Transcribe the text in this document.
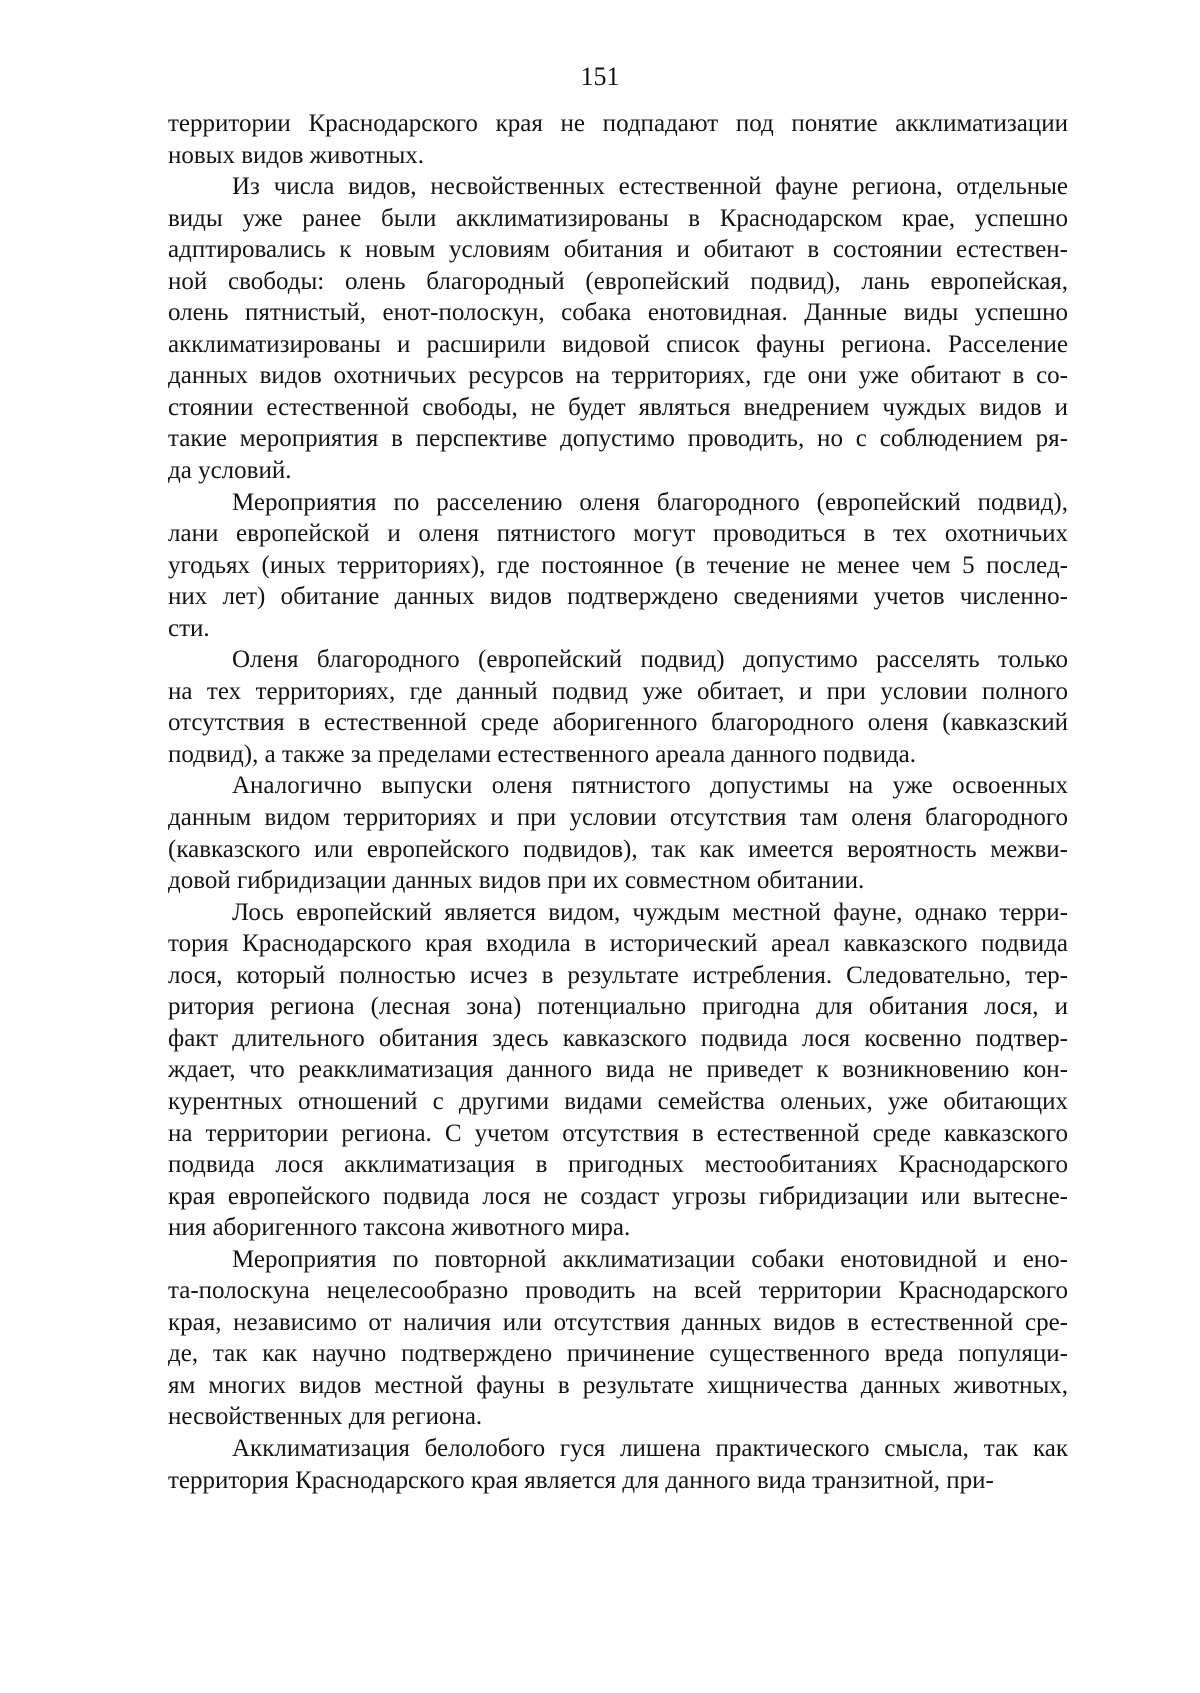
151
территории Краснодарского края не подпадают под понятие акклиматизации
новых видов животных.
Из числа видов, несвойственных естественной фауне региона, отдельные
виды уже ранее были акклиматизированы в Краснодарском крае, успешно
адптировались к новым условиям обитания и обитают в состоянии естествен-
ной свободы: олень благородный (европейский подвид), лань европейская,
олень пятнистый, енот-полоскун, собака енотовидная. Данные виды успешно
акклиматизированы и расширили видовой список фауны региона. Расселение
данных видов охотничьих ресурсов на территориях, где они уже обитают в со-
стоянии естественной свободы, не будет являться внедрением чуждых видов и
такие мероприятия в перспективе допустимо проводить, но с соблюдением ря-
да условий.
Мероприятия по расселению оленя благородного (европейский подвид),
лани европейской и оленя пятнистого могут проводиться в тех охотничьих
угодьях (иных территориях), где постоянное (в течение не менее чем 5 послед-
них лет) обитание данных видов подтверждено сведениями учетов численно-
сти.
Оленя благородного (европейский подвид) допустимо расселять только
на тех территориях, где данный подвид уже обитает, и при условии полного
отсутствия в естественной среде аборигенного благородного оленя (кавказский
подвид), а также за пределами естественного ареала данного подвида.
Аналогично выпуски оленя пятнистого допустимы на уже освоенных
данным видом территориях и при условии отсутствия там оленя благородного
(кавказского или европейского подвидов), так как имеется вероятность межви-
довой гибридизации данных видов при их совместном обитании.
Лось европейский является видом, чуждым местной фауне, однако терри-
тория Краснодарского края входила в исторический ареал кавказского подвида
лося, который полностью исчез в результате истребления. Следовательно, тер-
ритория региона (лесная зона) потенциально пригодна для обитания лося, и
факт длительного обитания здесь кавказского подвида лося косвенно подтвер-
ждает, что реакклиматизация данного вида не приведет к возникновению кон-
курентных отношений с другими видами семейства оленьих, уже обитающих
на территории региона. С учетом отсутствия в естественной среде кавказского
подвида лося акклиматизация в пригодных местообитаниях Краснодарского
края европейского подвида лося не создаст угрозы гибридизации или вытесне-
ния аборигенного таксона животного мира.
Мероприятия по повторной акклиматизации собаки енотовидной и ено-
та-полоскуна нецелесообразно проводить на всей территории Краснодарского
края, независимо от наличия или отсутствия данных видов в естественной сре-
де, так как научно подтверждено причинение существенного вреда популяци-
ям многих видов местной фауны в результате хищничества данных животных,
несвойственных для региона.
Акклиматизация белолобого гуся лишена практического смысла, так как
территория Краснодарского края является для данного вида транзитной, при-
